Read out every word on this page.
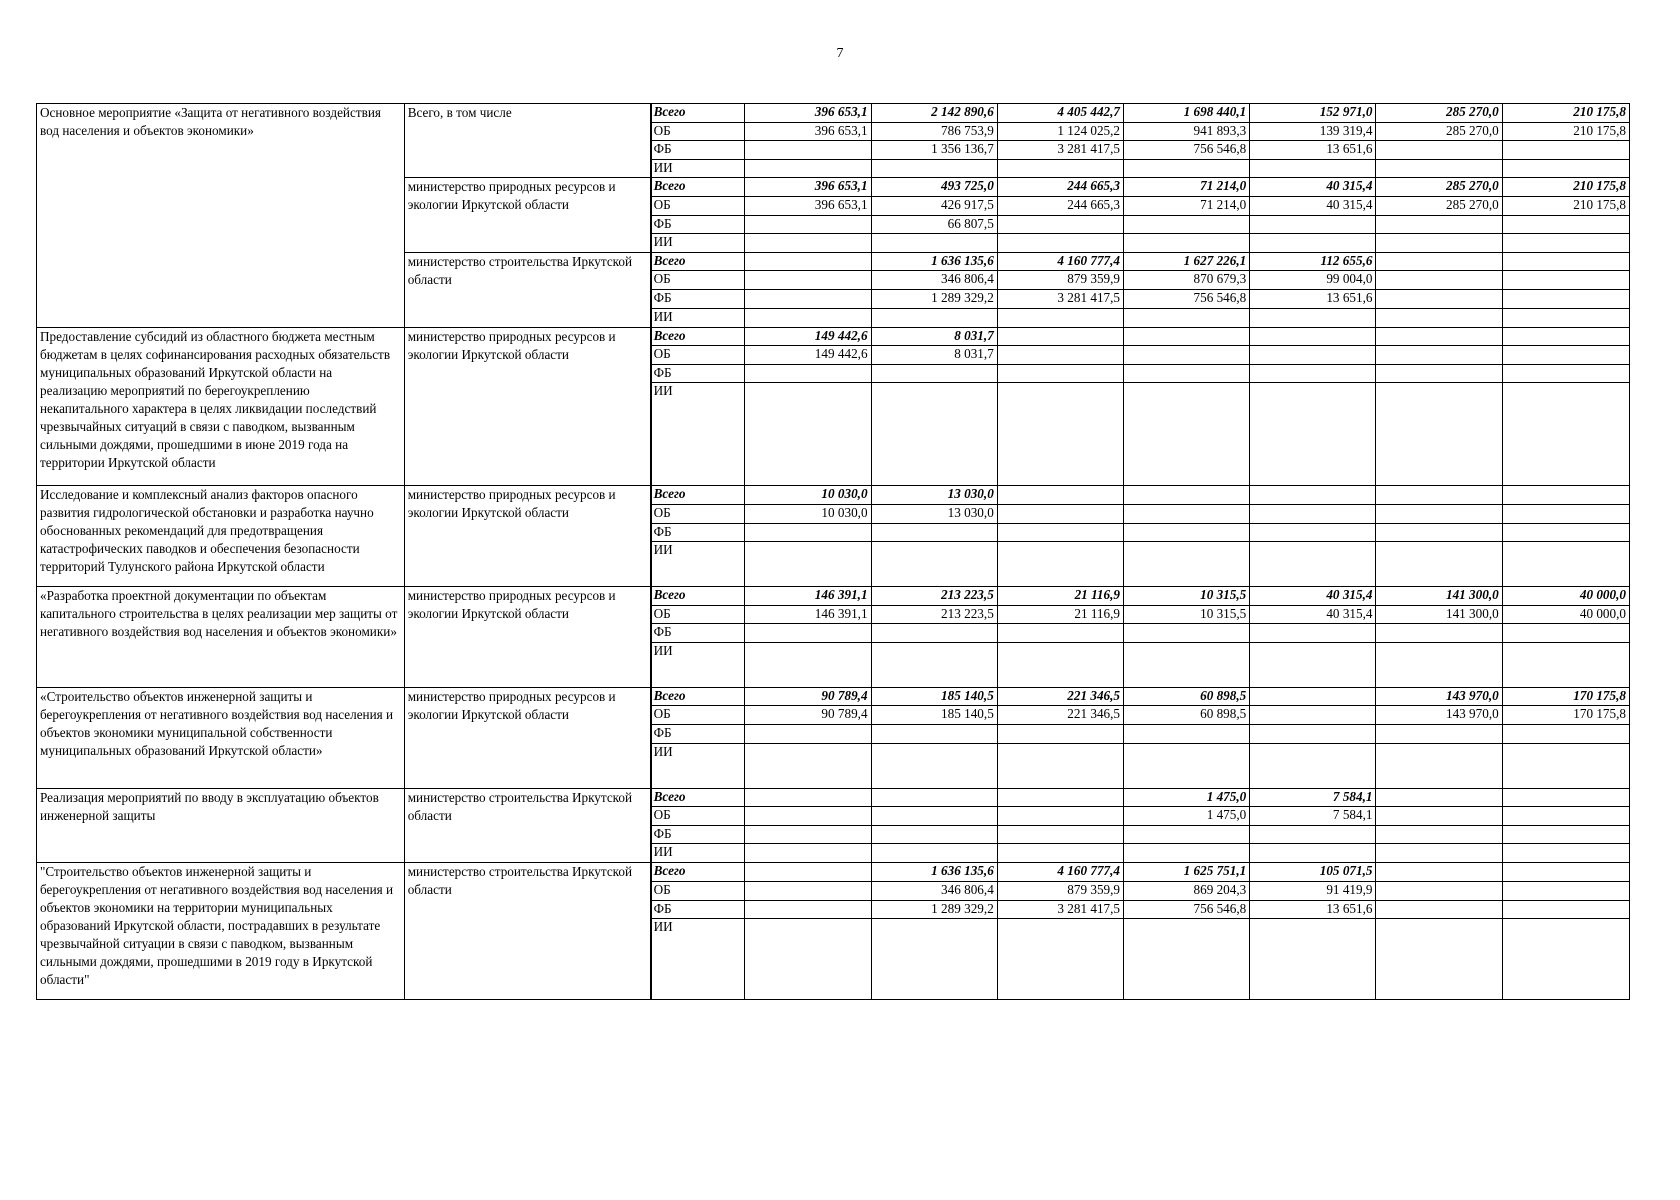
7
Основное мероприятие «Защита от негативного воздействия вод населения и объектов экономики»	Всего, в том числе	Всего	396 653,1	2 142 890,6	4 405 442,7	1 698 440,1	152 971,0	285 270,0	210 175,8
		ОБ	396 653,1	786 753,9	1 124 025,2	941 893,3	139 319,4	285 270,0	210 175,8
		ФБ		1 356 136,7	3 281 417,5	756 546,8	13 651,6		
		ИИ							
	министерство природных ресурсов и экологии Иркутской области	Всего	396 653,1	493 725,0	244 665,3	71 214,0	40 315,4	285 270,0	210 175,8
		ОБ	396 653,1	426 917,5	244 665,3	71 214,0	40 315,4	285 270,0	210 175,8
		ФБ		66 807,5					
		ИИ							
	министерство строительства Иркутской области	Всего		1 636 135,6	4 160 777,4	1 627 226,1	112 655,6		
		ОБ		346 806,4	879 359,9	870 679,3	99 004,0		
		ФБ		1 289 329,2	3 281 417,5	756 546,8	13 651,6		
		ИИ							
Предоставление субсидий из областного бюджета местным бюджетам в целях софинансирования расходных обязательств муниципальных образований Иркутской области на реализацию мероприятий по берегоукреплению некапитального характера в целях ликвидации последствий чрезвычайных ситуаций в связи с паводком, вызванным сильными дождями, прошедшими в июне 2019 года на территории Иркутской области	министерство природных ресурсов и экологии Иркутской области	Всего	149 442,6	8 031,7					
		ОБ	149 442,6	8 031,7					
		ФБ							
		ИИ							
Исследование и комплексный анализ факторов опасного развития гидрологической обстановки и разработка научно обоснованных рекомендаций для предотвращения катастрофических паводков и обеспечения безопасности территорий Тулунского района Иркутской области	министерство природных ресурсов и экологии Иркутской области	Всего	10 030,0	13 030,0					
		ОБ	10 030,0	13 030,0					
		ФБ							
		ИИ							
«Разработка проектной документации по объектам капитального строительства в целях реализации мер защиты от негативного воздействия вод населения и объектов экономики»	министерство природных ресурсов и экологии Иркутской области	Всего	146 391,1	213 223,5	21 116,9	10 315,5	40 315,4	141 300,0	40 000,0
		ОБ	146 391,1	213 223,5	21 116,9	10 315,5	40 315,4	141 300,0	40 000,0
		ФБ							
		ИИ							
«Строительство объектов инженерной защиты и берегоукрепления от негативного воздействия вод населения и объектов экономики муниципальной собственности муниципальных образований Иркутской области»	министерство природных ресурсов и экологии Иркутской области	Всего	90 789,4	185 140,5	221 346,5	60 898,5		143 970,0	170 175,8
		ОБ	90 789,4	185 140,5	221 346,5	60 898,5		143 970,0	170 175,8
		ФБ							
		ИИ							
Реализация мероприятий по вводу в эксплуатацию объектов инженерной защиты	министерство строительства Иркутской области	Всего				1 475,0	7 584,1		
		ОБ				1 475,0	7 584,1		
		ФБ							
		ИИ							
"Строительство объектов инженерной защиты и берегоукрепления от негативного воздействия вод населения и объектов экономики на территории муниципальных образований Иркутской области, пострадавших в результате чрезвычайной ситуации в связи с паводком, вызванным сильными дождями, прошедшими в 2019 году в Иркутской области"	министерство строительства Иркутской области	Всего		1 636 135,6	4 160 777,4	1 625 751,1	105 071,5		
		ОБ		346 806,4	879 359,9	869 204,3	91 419,9		
		ФБ		1 289 329,2	3 281 417,5	756 546,8	13 651,6		
		ИИ							
